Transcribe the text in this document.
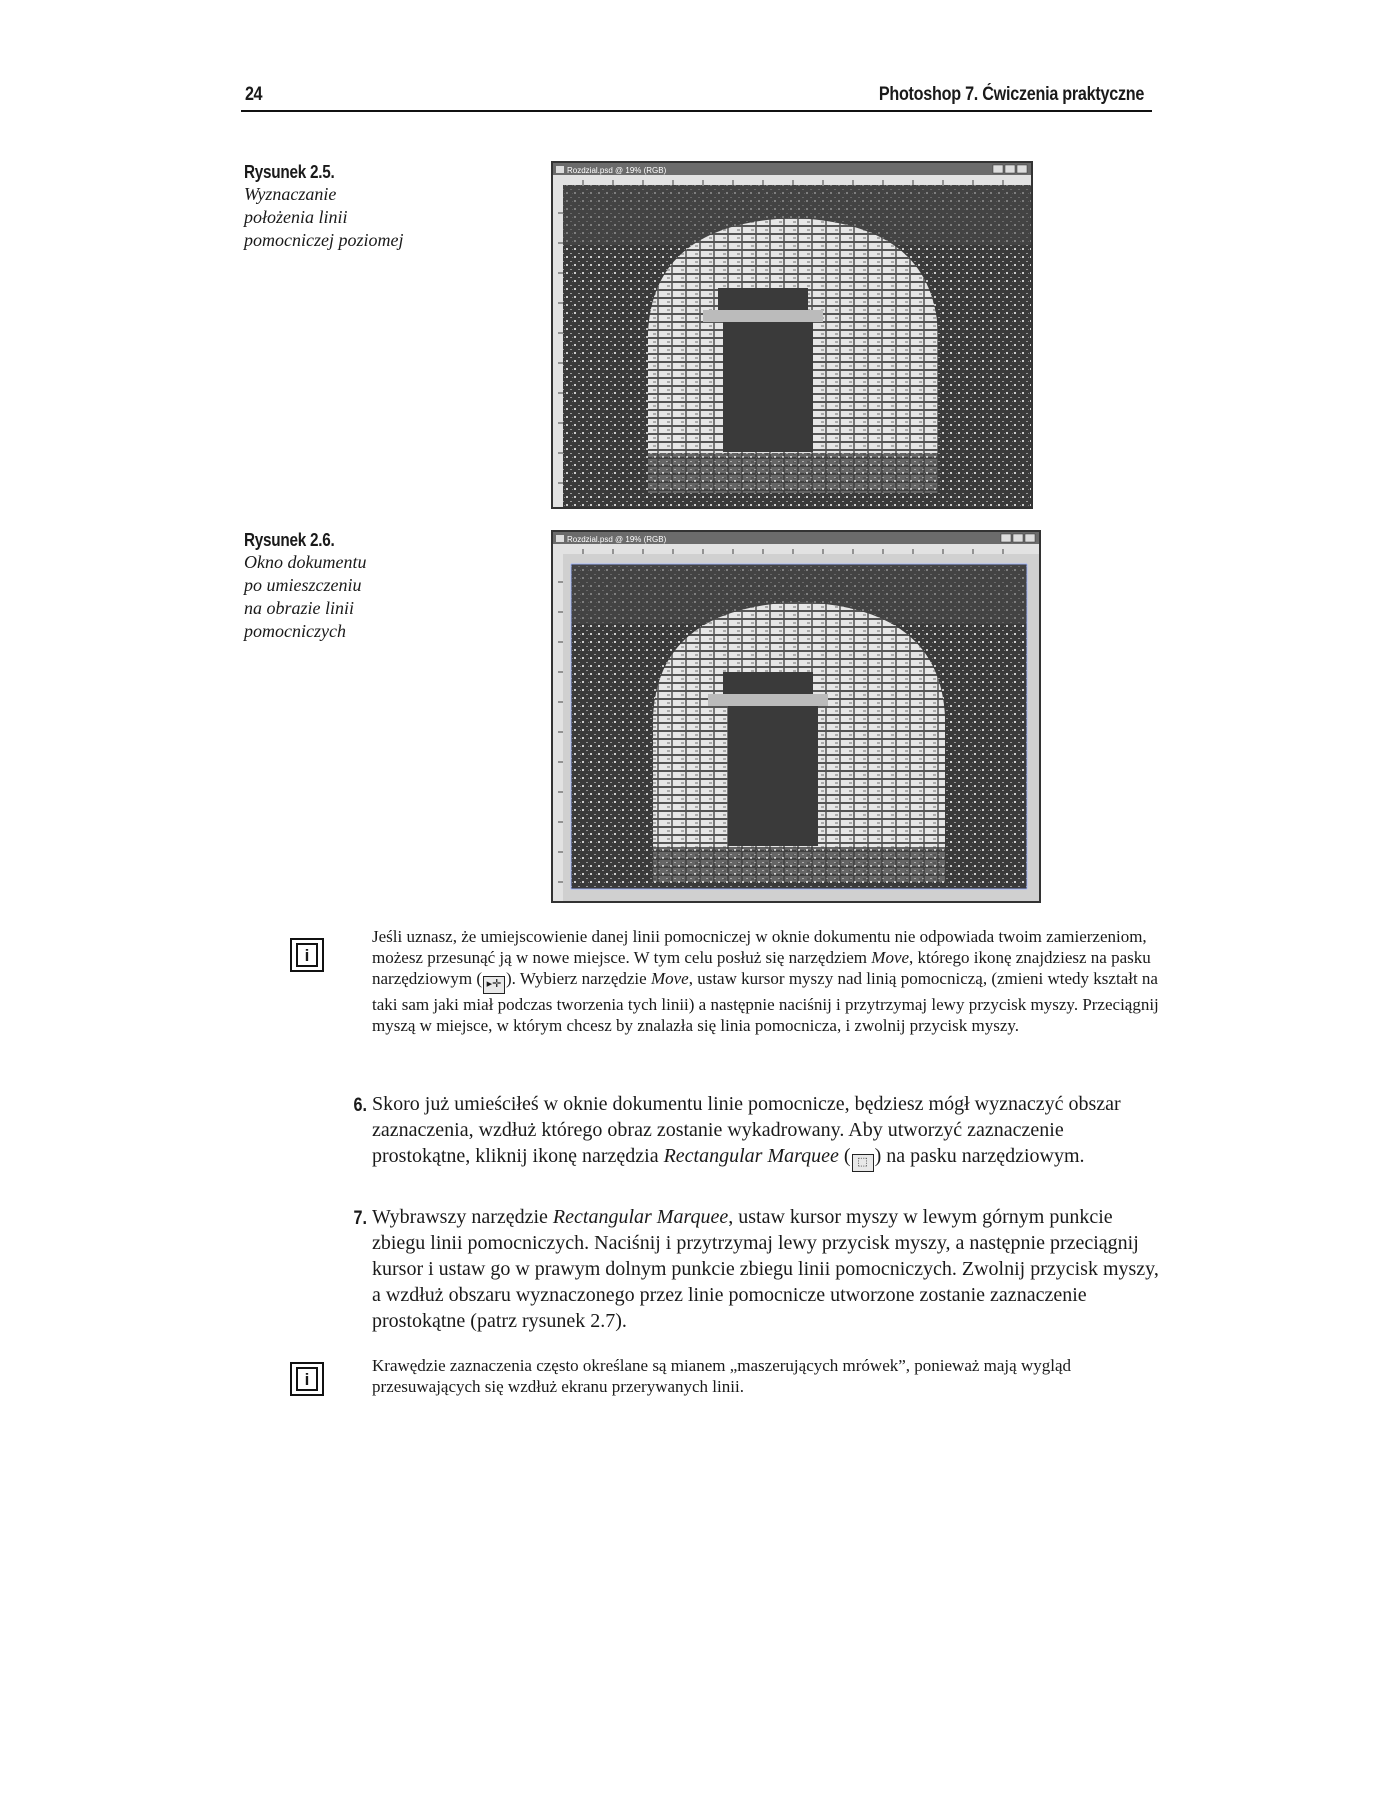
24	Photoshop 7. Ćwiczenia praktyczne
Rysunek 2.5.
Wyznaczanie
położenia linii
pomocniczej poziomej
Rozdzial.psd @ 19% (RGB)
Rysunek 2.6.
Okno dokumentu
po umieszczeniu
na obrazie linii
pomocniczych
Rozdzial.psd @ 19% (RGB)
i
Jeśli uznasz, że umiejscowienie danej linii pomocniczej w oknie dokumentu nie odpowiada twoim zamierzeniom, możesz przesunąć ją w nowe miejsce. W tym celu posłuż się narzędziem Move, którego ikonę znajdziesz na pasku narzędziowym ( ▸✛ ). Wybierz narzędzie Move, ustaw kursor myszy nad linią pomocniczą, (zmieni wtedy kształt na taki sam jaki miał podczas tworzenia tych linii) a następnie naciśnij i przytrzymaj lewy przycisk myszy. Przeciągnij myszą w miejsce, w którym chcesz by znalazła się linia pomocnicza, i zwolnij przycisk myszy.
6. Skoro już umieściłeś w oknie dokumentu linie pomocnicze, będziesz mógł wyznaczyć obszar zaznaczenia, wzdłuż którego obraz zostanie wykadrowany. Aby utworzyć zaznaczenie prostokątne, kliknij ikonę narzędzia Rectangular Marquee ( ⬚ ) na pasku narzędziowym.
7. Wybrawszy narzędzie Rectangular Marquee, ustaw kursor myszy w lewym górnym punkcie zbiegu linii pomocniczych. Naciśnij i przytrzymaj lewy przycisk myszy, a następnie przeciągnij kursor i ustaw go w prawym dolnym punkcie zbiegu linii pomocniczych. Zwolnij przycisk myszy, a wzdłuż obszaru wyznaczonego przez linie pomocnicze utworzone zostanie zaznaczenie prostokątne (patrz rysunek 2.7).
i
Krawędzie zaznaczenia często określane są mianem „maszerujących mrówek”, ponieważ mają wygląd przesuwających się wzdłuż ekranu przerywanych linii.
